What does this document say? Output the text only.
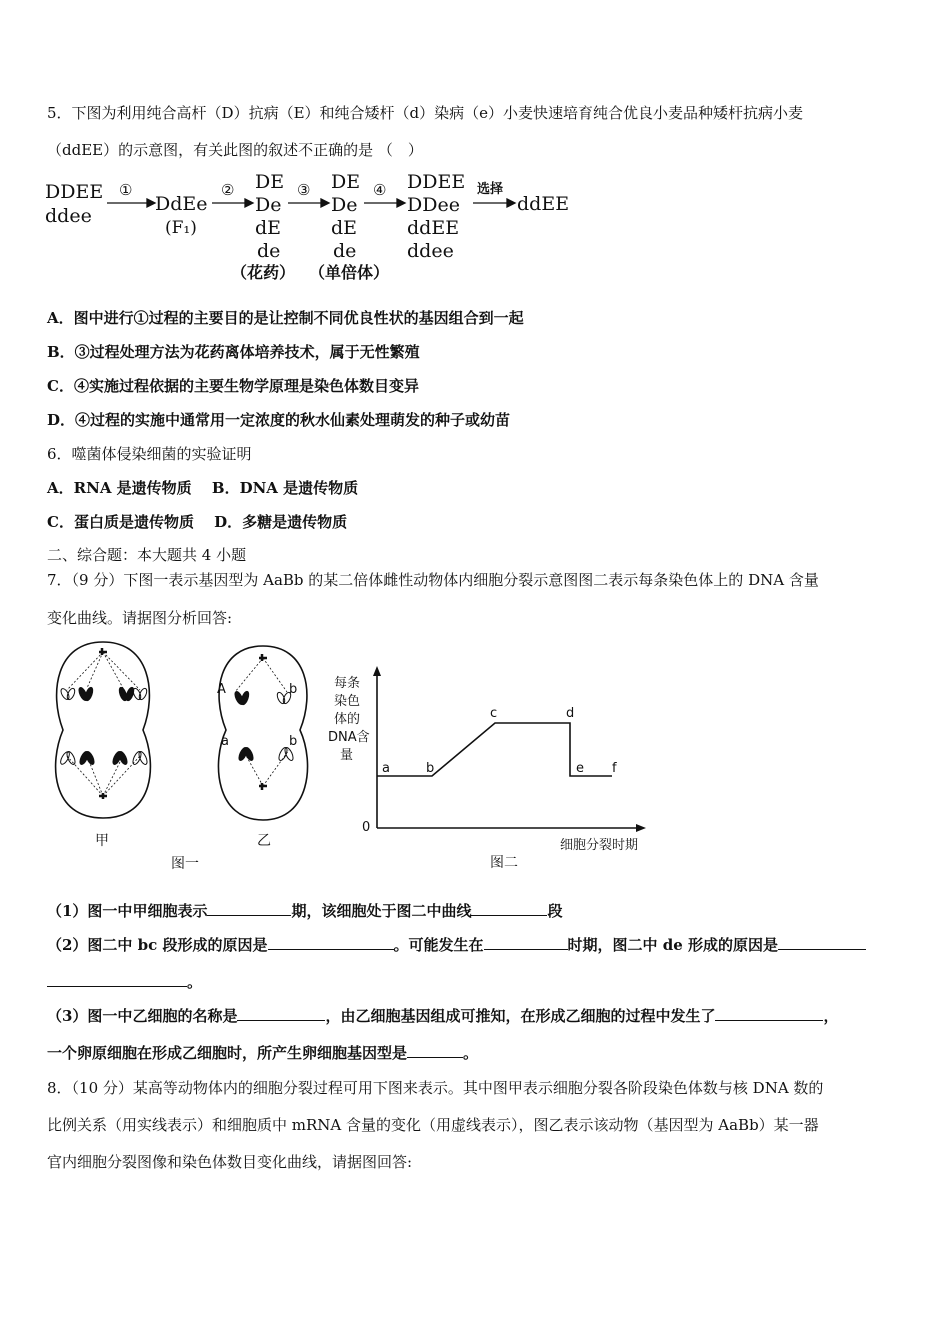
5．下图为利用纯合高杆（D）抗病（E）和纯合矮杆（d）染病（e）小麦快速培育纯合优良小麦品种矮杆抗病小麦
（ddEE）的示意图，有关此图的叙述不正确的是 （　）
DDEE
ddee
①
DdEe
(F₁)
② DE
De
dE
de
③ DE
De
dE
de
④ DDEE
DDee
ddEE
ddee
选择
ddEE
（花药） （单倍体）
A．图中进行①过程的主要目的是让控制不同优良性状的基因组合到一起
B．③过程处理方法为花药离体培养技术，属于无性繁殖
C．④实施过程依据的主要生物学原理是染色体数目变异
D．④过程的实施中通常用一定浓度的秋水仙素处理萌发的种子或幼苗
6．噬菌体侵染细菌的实验证明
A．RNA 是遗传物质　 B．DNA 是遗传物质
C．蛋白质是遗传物质　 D．多糖是遗传物质
二、综合题：本大题共 4 小题
7．（9 分）下图一表示基因型为 AaBb 的某二倍体雌性动物体内细胞分裂示意图图二表示每条染色体上的 DNA 含量
变化曲线。请据图分析回答:
A	b
a	b
甲	乙
图一
每条
染色
体的
DNA含
量
0
a	b
c	d
e f
细胞分裂时期
图二
（1）图一中甲细胞表示	期，该细胞处于图二中曲线	段
（2）图二中 bc 段形成的原因是	。可能发生在	时期，图二中 de 形成的原因是
。
（3）图一中乙细胞的名称是	，由乙细胞基因组成可推知，在形成乙细胞的过程中发生了	，
一个卵原细胞在形成乙细胞时，所产生卵细胞基因型是	。
8．（10 分）某高等动物体内的细胞分裂过程可用下图来表示。其中图甲表示细胞分裂各阶段染色体数与核 DNA 数的
比例关系（用实线表示）和细胞质中 mRNA 含量的变化（用虚线表示），图乙表示该动物（基因型为 AaBb）某一器
官内细胞分裂图像和染色体数目变化曲线，请据图回答:
